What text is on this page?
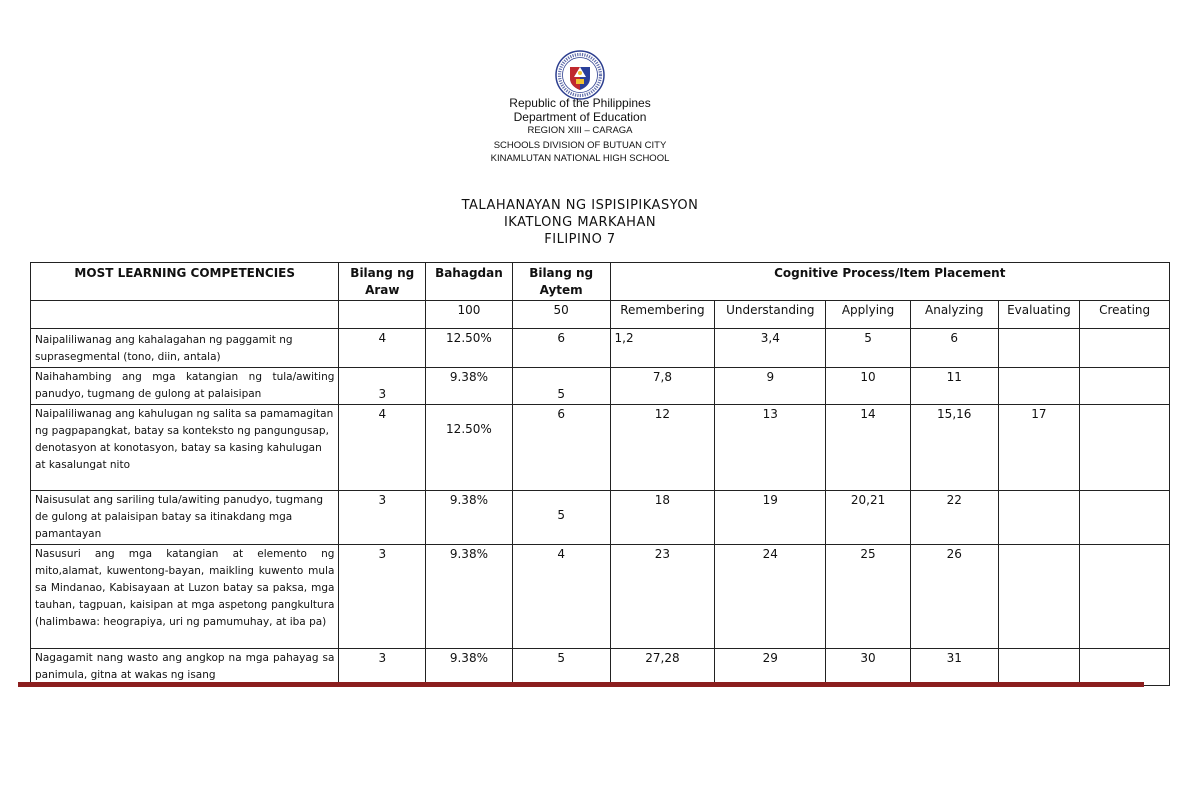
Republic of the Philippines
Department of Education
REGION XIII – CARAGA
SCHOOLS DIVISION OF BUTUAN CITY
KINAMLUTAN NATIONAL HIGH SCHOOL
TALAHANAYAN NG ISPISIPIKASYON
IKATLONG MARKAHAN
FILIPINO 7
MOST LEARNING COMPETENCIES	Bilang ng Araw	Bahagdan	Bilang ng Aytem	Cognitive Process/Item Placement					
		100	50	Remembering	Understanding	Applying	Analyzing	Evaluating	Creating
Naipaliliwanag ang kahalagahan ng paggamit ng suprasegmental (tono, diin, antala)	4	12.50%	6	1,2	3,4	5	6		
Naihahambing ang mga katangian ng tula/awiting panudyo, tugmang de gulong at palaisipan	3	9.38%	5	7,8	9	10	11		
Naipaliliwanag ang kahulugan ng salita sa pamamagitan ng pagpapangkat, batay sa konteksto ng pangungusap, denotasyon at konotasyon, batay sa kasing kahulugan at kasalungat nito	4	12.50%	6	12	13	14	15,16	17	
Naisusulat ang sariling tula/awiting panudyo, tugmang de gulong at palaisipan batay sa itinakdang mga pamantayan	3	9.38%	5	18	19	20,21	22		
Nasusuri ang mga katangian at elemento ng mito,alamat, kuwentong-bayan, maikling kuwento mula sa Mindanao, Kabisayaan at Luzon batay sa paksa, mga tauhan, tagpuan, kaisipan at mga aspetong pangkultura (halimbawa: heograpiya, uri ng pamumuhay, at iba pa)	3	9.38%	4	23	24	25	26		
Nagagamit nang wasto ang angkop na mga pahayag sa panimula, gitna at wakas ng isang	3	9.38%	5	27,28	29	30	31		
